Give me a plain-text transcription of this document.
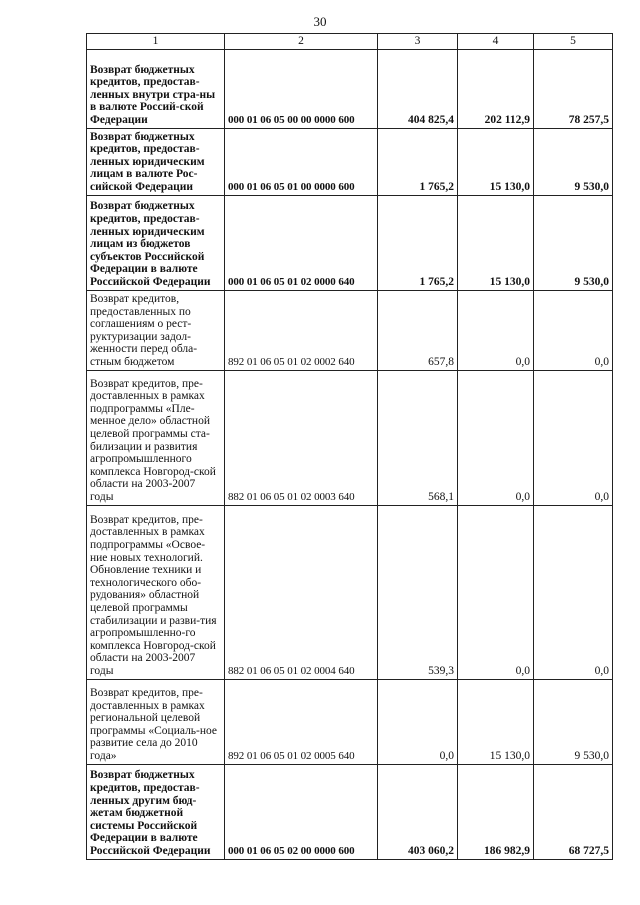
30
1	2	3	4	5
Возврат бюджетных кредитов, предостав-ленных внутри стра-ны в валюте Россий-ской Федерации	000 01 06 05 00 00 0000 600	404 825,4	202 112,9	78 257,5
Возврат бюджетных кредитов, предостав-ленных юридическим лицам в валюте Рос-сийской Федерации	000 01 06 05 01 00 0000 600	1 765,2	15 130,0	9 530,0
Возврат бюджетных кредитов, предостав-ленных юридическим лицам из бюджетов субъектов Российской Федерации в валюте Российской Федерации	000 01 06 05 01 02 0000 640	1 765,2	15 130,0	9 530,0
Возврат кредитов, предоставленных по соглашениям о рест-руктуризации задол-женности перед обла-стным бюджетом	892 01 06 05 01 02 0002 640	657,8	0,0	0,0
Возврат кредитов, пре-доставленных в рамках подпрограммы «Пле-менное дело» областной целевой программы ста-билизации и развития агропромышленного комплекса Новгород-ской области на 2003-2007 годы	882 01 06 05 01 02 0003 640	568,1	0,0	0,0
Возврат кредитов, пре-доставленных в рамках подпрограммы «Освое-ние новых технологий. Обновление техники и технологического обо-рудования» областной целевой программы стабилизации и разви-тия агропромышленно-го комплекса Новгород-ской области на 2003-2007 годы	882 01 06 05 01 02 0004 640	539,3	0,0	0,0
Возврат кредитов, пре-доставленных в рамках региональной целевой программы «Социаль-ное развитие села до 2010 года»	892 01 06 05 01 02 0005 640	0,0	15 130,0	9 530,0
Возврат бюджетных кредитов, предостав-ленных другим бюд-жетам бюджетной системы Российской Федерации в валюте Российской Федерации	000 01 06 05 02 00 0000 600	403 060,2	186 982,9	68 727,5
